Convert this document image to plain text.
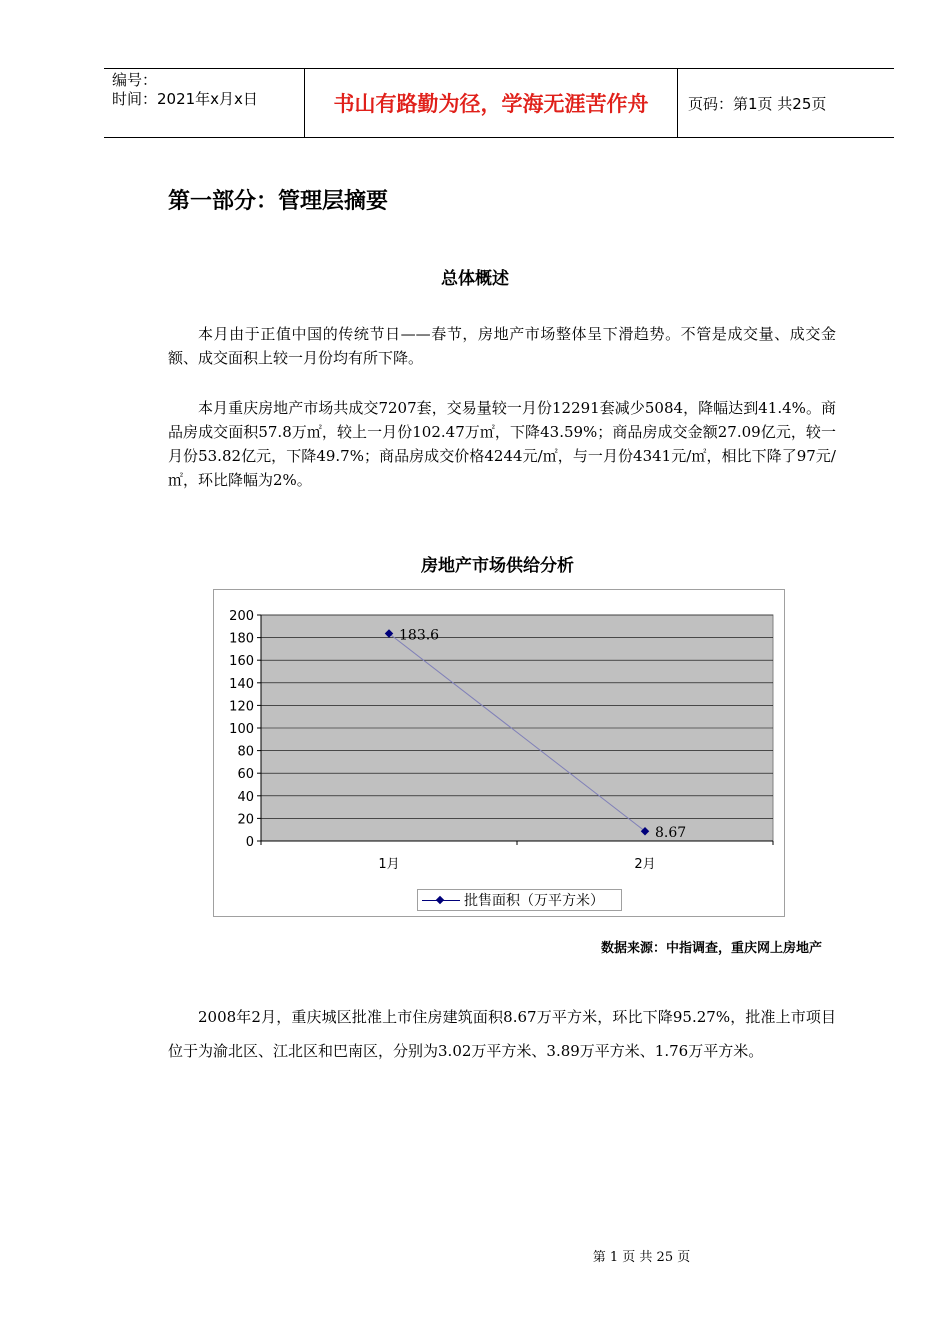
编号：
时间：2021年x月x日	书山有路勤为径，学海无涯苦作舟	页码：第1页 共25页
第一部分：管理层摘要
总体概述
本月由于正值中国的传统节日——春节，房地产市场整体呈下滑趋势。不管是成交量、成交金额、成交面积上较一月份均有所下降。
本月重庆房地产市场共成交7207套，交易量较一月份12291套减少5084，降幅达到41.4%。商品房成交面积57.8万㎡，较上一月份102.47万㎡，下降43.59%；商品房成交金额27.09亿元，较一月份53.82亿元，下降49.7%；商品房成交价格4244元/㎡，与一月份4341元/㎡，相比下降了97元/㎡，环比降幅为2%。
房地产市场供给分析
0
20
40
60
80
100
120
140
160
180
200
1月	2月
183.6
8.67
批售面积（万平方米）
数据来源：中指调查，重庆网上房地产
2008年2月，重庆城区批准上市住房建筑面积8.67万平方米，环比下降95.27%，批准上市项目位于为渝北区、江北区和巴南区，分别为3.02万平方米、3.89万平方米、1.76万平方米。
第 1 页 共 25 页
